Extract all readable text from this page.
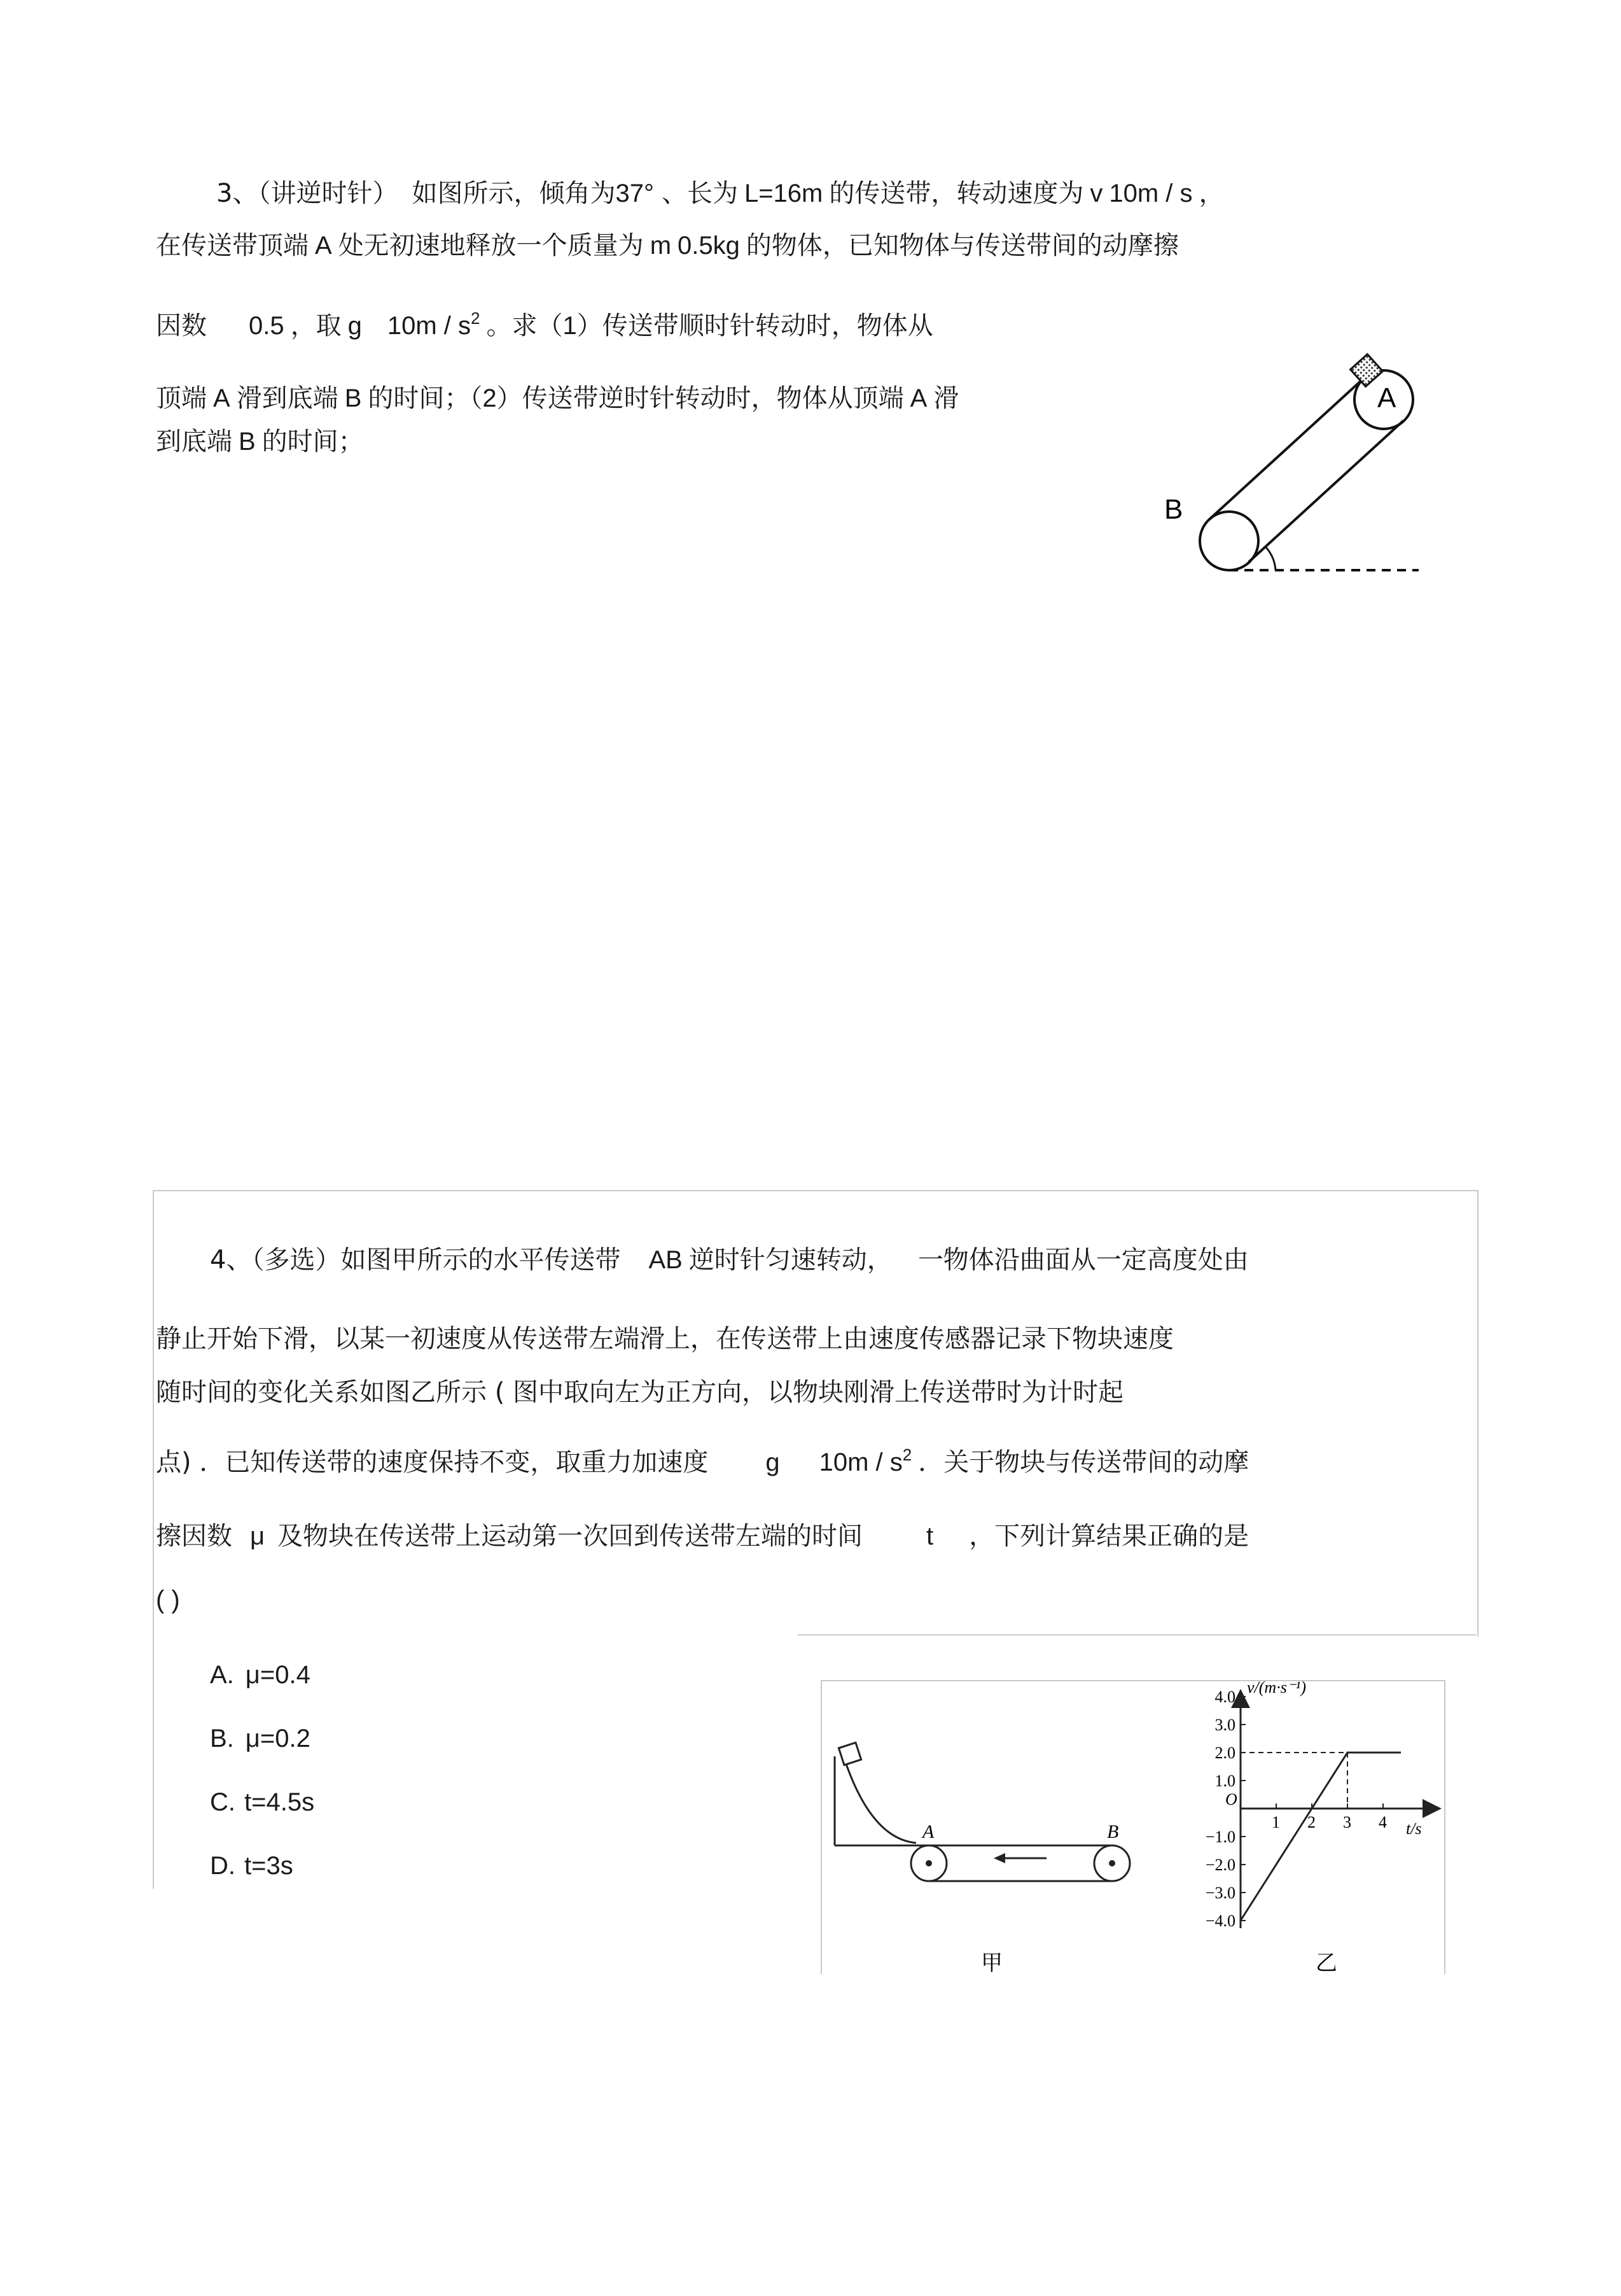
3、（讲逆时针） 如图所示，倾角为37° 、长为 L=16m 的传送带，转动速度为 v 10m / s ，
在传送带顶端 A 处无初速地释放一个质量为 m 0.5kg 的物体，已知物体与传送带间的动摩擦
因数 0.5 ，取 g $10m / s^2$ 。求（1）传送带顺时针转动时，物体从
顶端 A 滑到底端 B 的时间；（2）传送带逆时针转动时，物体从顶端 A 滑
到底端 B 的时间；
A
B
4、（多选）如图甲所示的水平传送带 AB 逆时针匀速转动， 一物体沿曲面从一定高度处由
静止开始下滑，以某一初速度从传送带左端滑上，在传送带上由速度传感器记录下物块速度
随时间的变化关系如图乙所示 ( 图中取向左为正方向，以物块刚滑上传送带时为计时起
点) ．已知传送带的速度保持不变，取重力加速度 g $10m / s^2$ ．关于物块与传送带间的动摩
擦因数 μ 及物块在传送带上运动第一次回到传送带左端的时间	t ，下列计算结果正确的是
( )
A. μ=0.4
B. μ=0.2
C. t=4.5s
D. t=3s
A	B
甲
v/(m·s⁻¹)
t/s
O
4.0
3.0
2.0
1.0
−1.0
−2.0
−3.0
−4.0
1 2 3 4
乙
